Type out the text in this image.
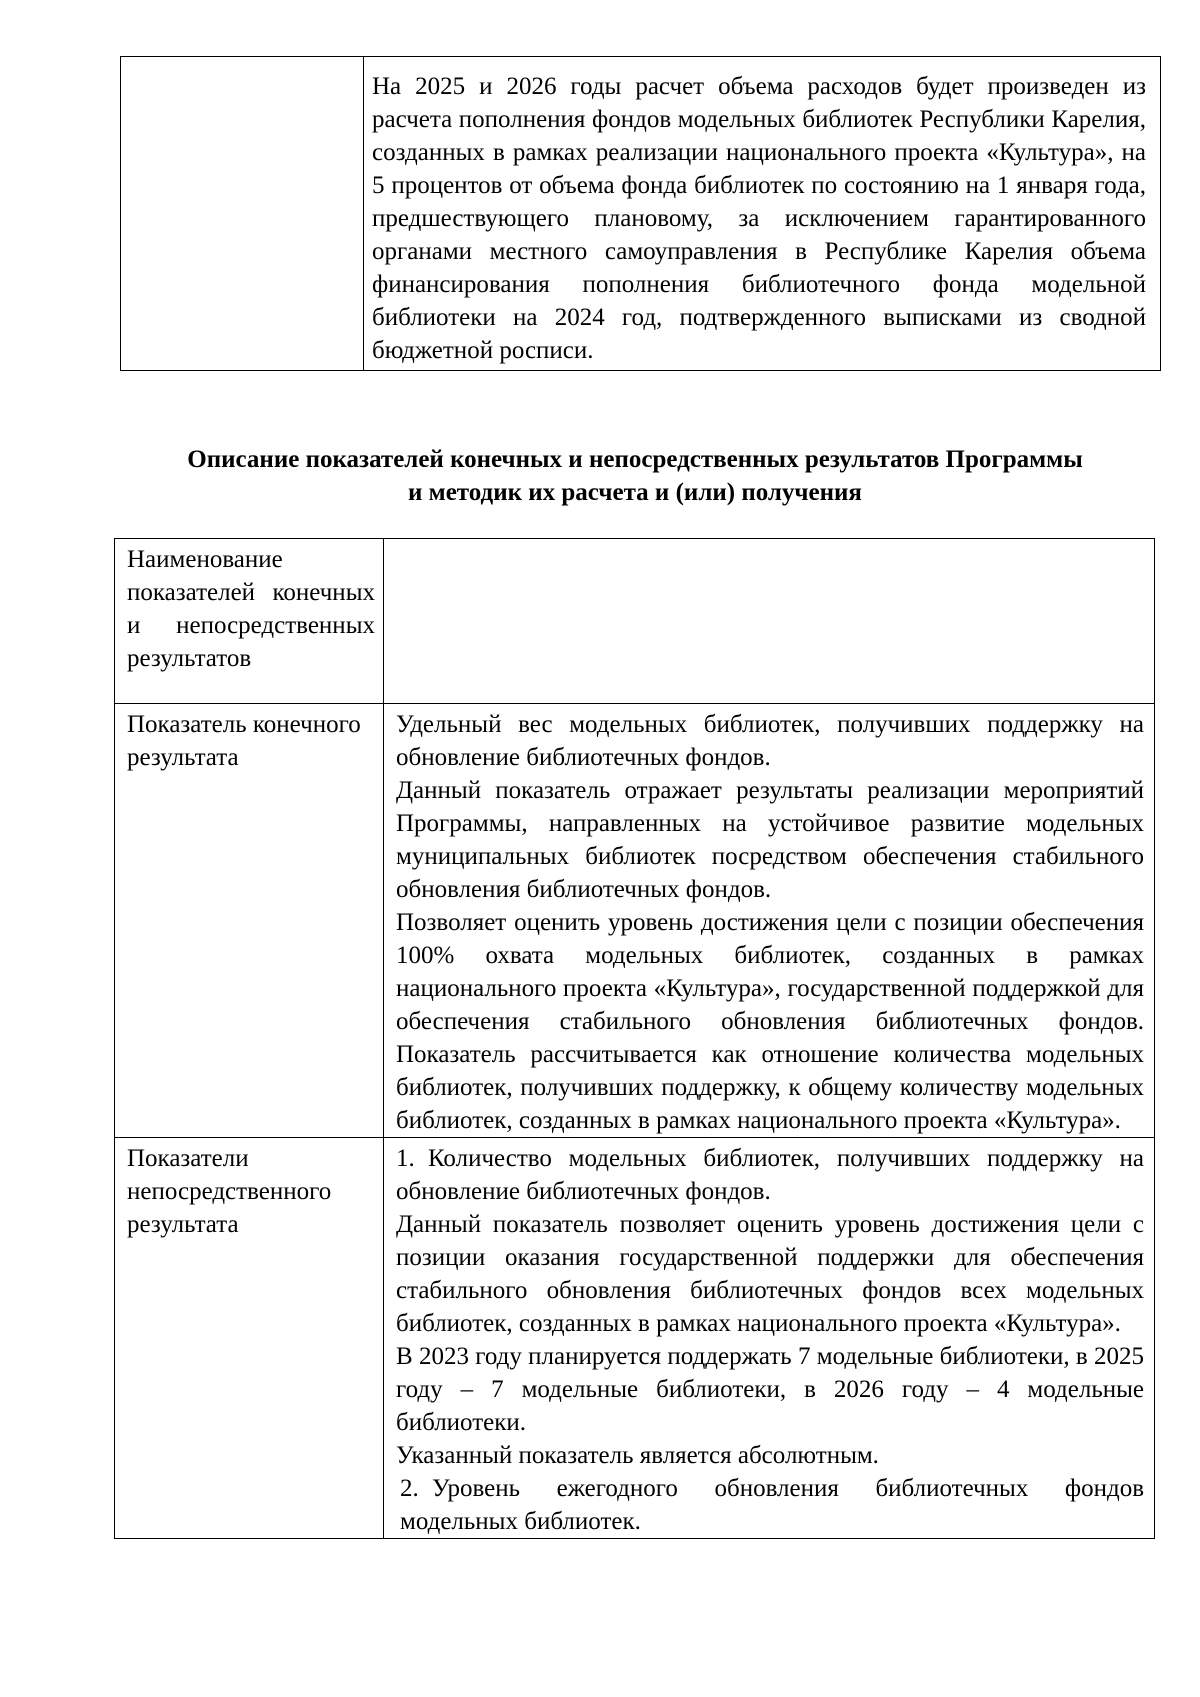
	На 2025 и 2026 годы расчет объема расходов будет произведен из расчета пополнения фондов модельных библиотек Республики Карелия, созданных в рамках реализации национального проекта «Культура», на 5 процентов от объема фонда библиотек по состоянию на 1 января года, предшествующего плановому, за исключением гарантированного органами местного самоуправления в Республике Карелия объема финансирования пополнения библиотечного фонда модельной библиотеки на 2024 год, подтвержденного выписками из сводной бюджетной росписи.
Описание показателей конечных и непосредственных результатов Программы
и методик их расчета и (или) получения
Наименование показателей конечных и непосредственных результатов	
Показатель конечного результата	Удельный вес модельных библиотек, получивших поддержку на обновление библиотечных фондов.

Данный показатель отражает результаты реализации мероприятий Программы, направленных на устойчивое развитие модельных муниципальных библиотек посредством обеспечения стабильного обновления библиотечных фондов.

Позволяет оценить уровень достижения цели с позиции обеспечения 100% охвата модельных библиотек, созданных в рамках национального проекта «Культура», государственной поддержкой для обеспечения стабильного обновления библиотечных фондов. Показатель рассчитывается как отношение количества модельных библиотек, получивших поддержку, к общему количеству модельных библиотек, созданных в рамках национального проекта «Культура».

Показатели непосредственного результата	1. Количество модельных библиотек, получивших поддержку на обновление библиотечных фондов.

Данный показатель позволяет оценить уровень достижения цели с позиции оказания государственной поддержки для обеспечения стабильного обновления библиотечных фондов всех модельных библиотек, созданных в рамках национального проекта «Культура».

В 2023 году планируется поддержать 7 модельные библиотеки, в 2025 году – 7 модельные библиотеки, в 2026 году – 4 модельные библиотеки.

Указанный показатель является абсолютным.

2. Уровень ежегодного обновления библиотечных фондов модельных библиотек.
